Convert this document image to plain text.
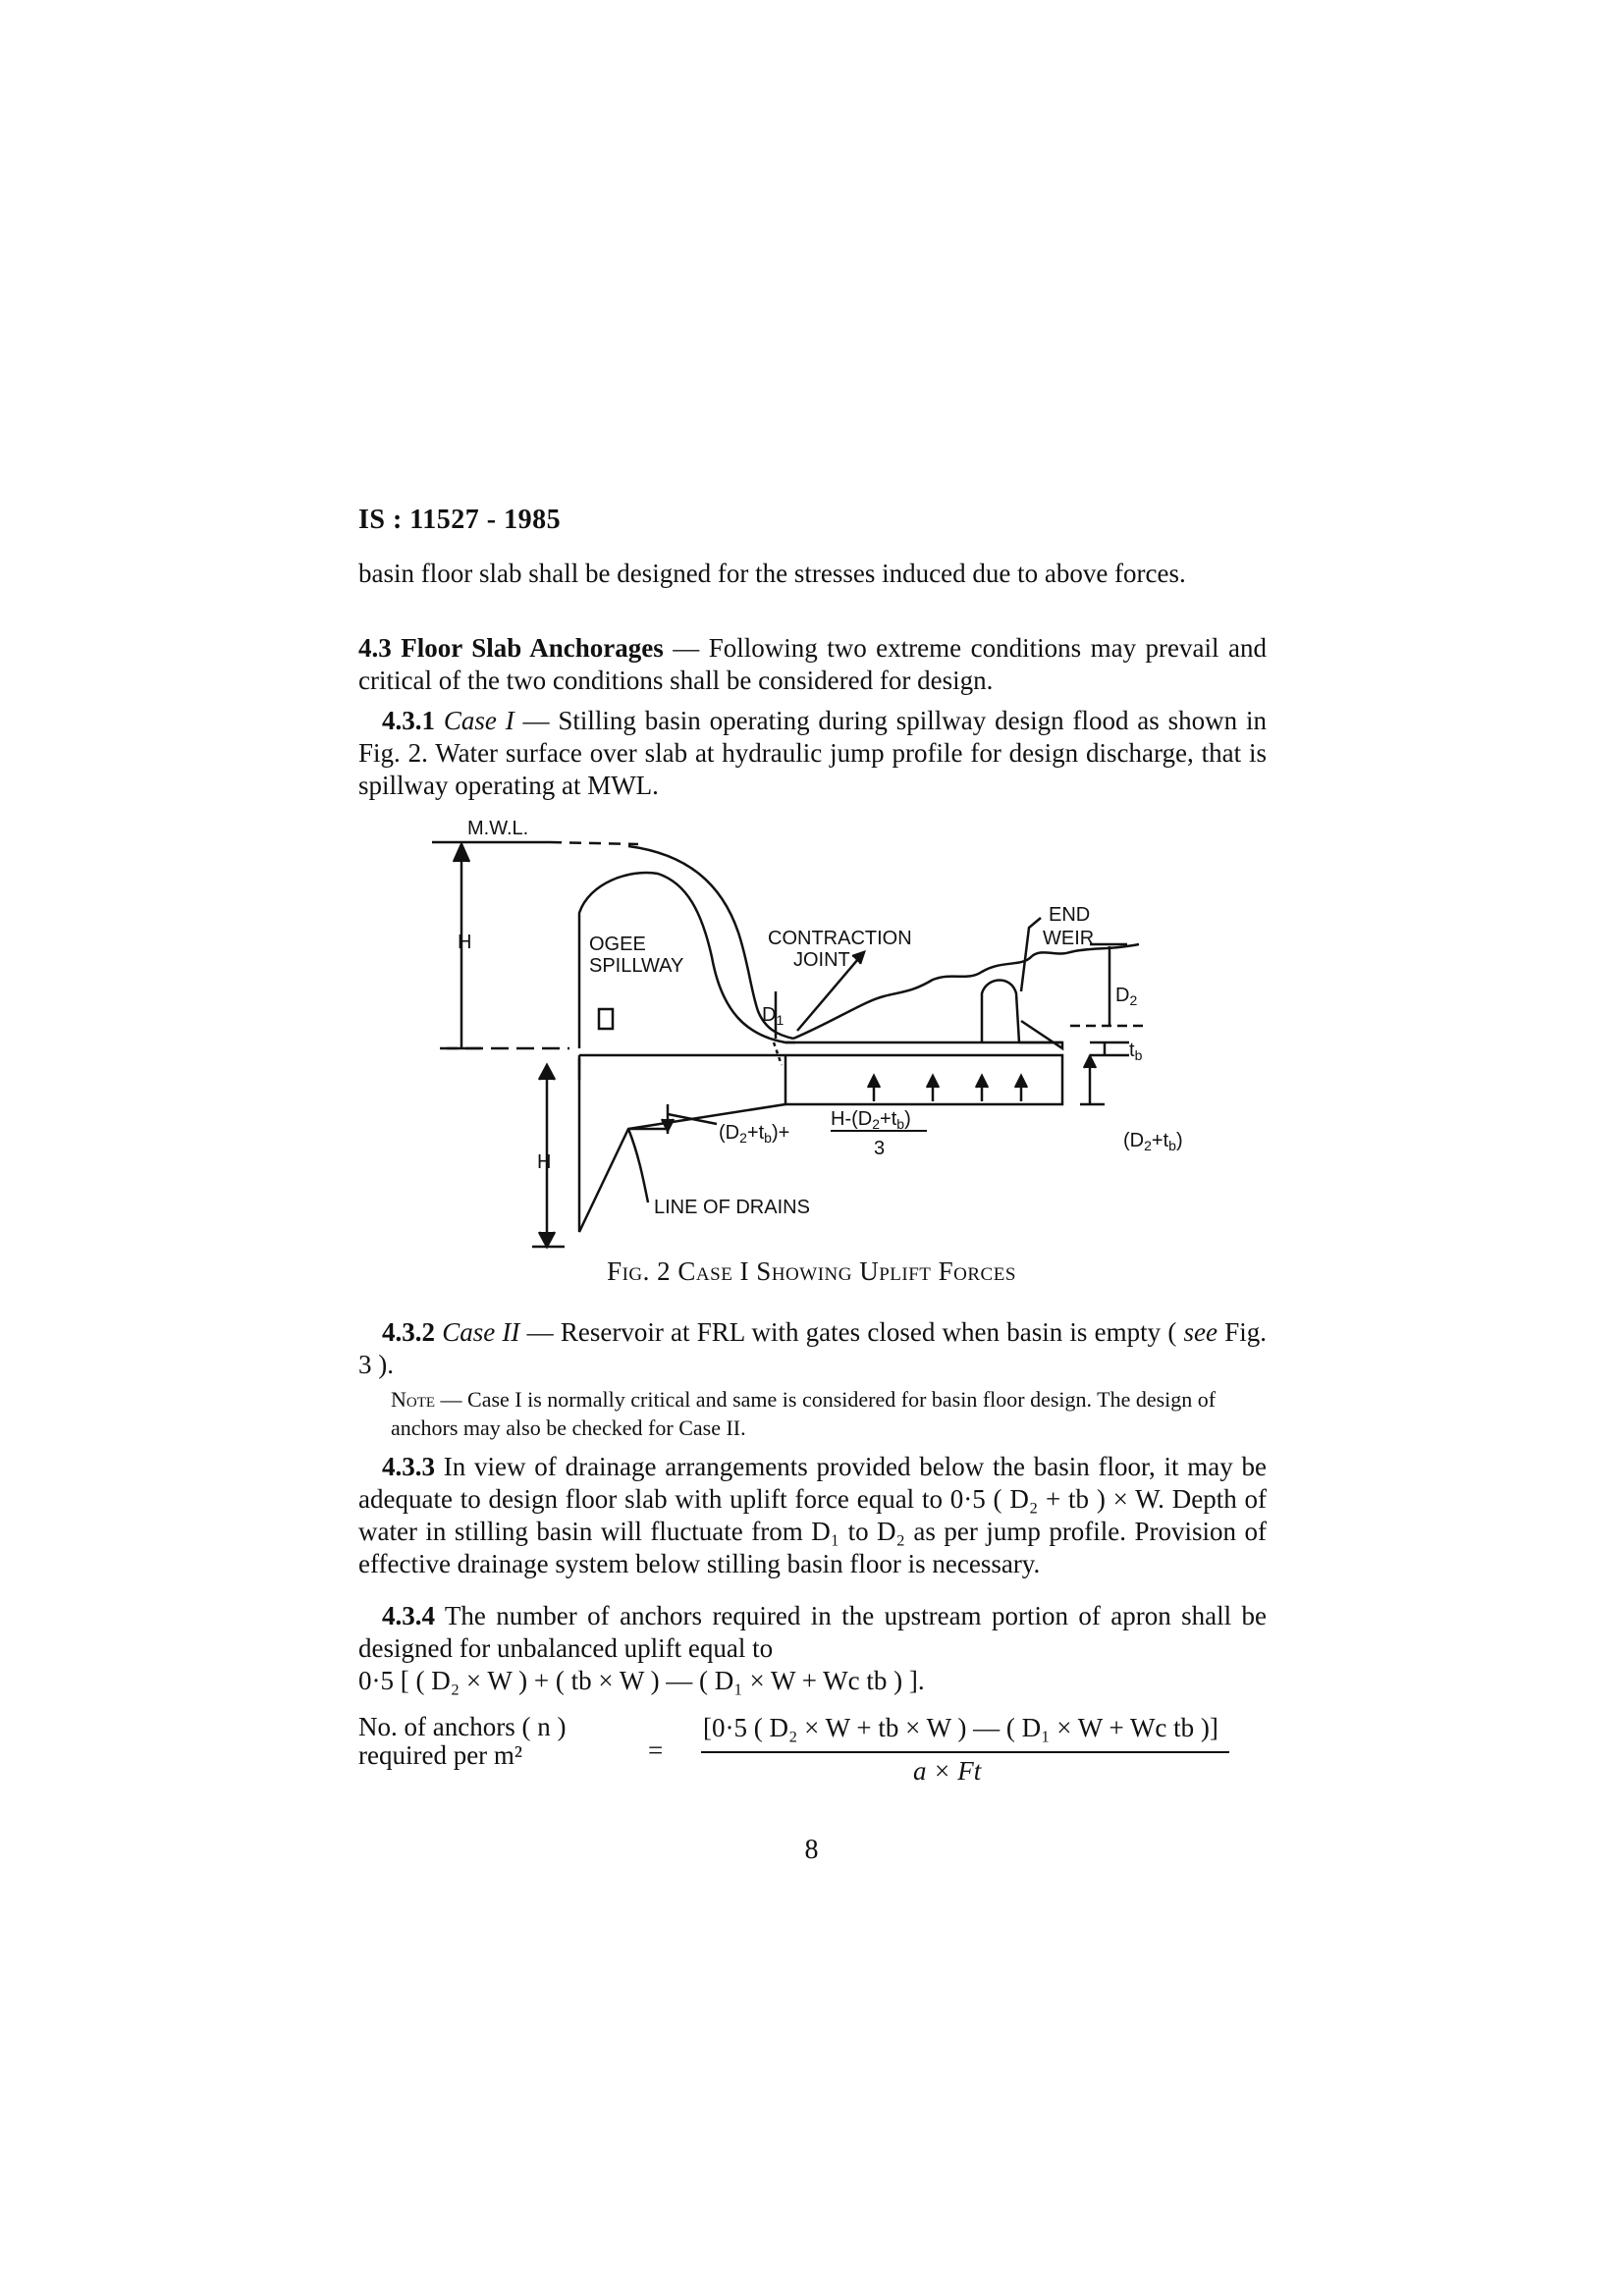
IS : 11527 - 1985
basin floor slab shall be designed for the stresses induced due to above forces.
4.3 Floor Slab Anchorages — Following two extreme conditions may prevail and critical of the two conditions shall be considered for design.
4.3.1 Case I — Stilling basin operating during spillway design flood as shown in Fig. 2. Water surface over slab at hydraulic jump profile for design discharge, that is spillway operating at MWL.
M.W.L.
H
H
OGEE
SPILLWAY
CONTRACTION
JOINT
END
WEIR
$D_1$
$D_2$
$t_b$
$(D_2+t_b)+$
$H-(D_2+t_b)$
3	$(D_2+t_b)$
LINE OF DRAINS
Fig. 2 Case I Showing Uplift Forces
4.3.2 Case II — Reservoir at FRL with gates closed when basin is empty ( see Fig. 3 ).
Note — Case I is normally critical and same is considered for basin floor design. The design of anchors may also be checked for Case II.
4.3.3 In view of drainage arrangements provided below the basin floor, it may be adequate to design floor slab with uplift force equal to 0·5 ( D₂ + tb ) × W. Depth of water in stilling basin will fluctuate from D₁ to D₂ as per jump profile. Provision of effective drainage system below stilling basin floor is necessary.
4.3.4 The number of anchors required in the upstream portion of apron shall be designed for unbalanced uplift equal to
0·5 [ ( D₂ × W ) + ( tb × W ) — ( D₁ × W + Wc tb ) ].
No. of anchors ( n )
required per m²	=
[0·5 ( D₂ × W + tb × W ) — ( D₁ × W + Wc tb )]
a × Ft
8
